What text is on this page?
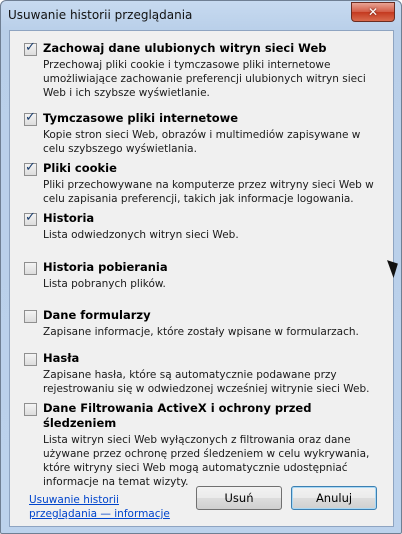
Usuwanie historii przeglądania	✕
✓
Zachowaj dane ulubionych witryn sieci Web
Przechowaj pliki cookie i tymczasowe pliki internetowe umożliwiające zachowanie preferencji ulubionych witryn sieci Web i ich szybsze wyświetlanie.
✓
Tymczasowe pliki internetowe
Kopie stron sieci Web, obrazów i multimediów zapisywane w celu szybszego wyświetlania.
✓
Pliki cookie
Pliki przechowywane na komputerze przez witryny sieci Web w celu zapisania preferencji, takich jak informacje logowania.
✓
Historia
Lista odwiedzonych witryn sieci Web.
Historia pobierania
Lista pobranych plików.
Dane formularzy
Zapisane informacje, które zostały wpisane w formularzach.
Hasła
Zapisane hasła, które są automatycznie podawane przy rejestrowaniu się w odwiedzonej wcześniej witrynie sieci Web.
Dane Filtrowania ActiveX i ochrony przed śledzeniem
Lista witryn sieci Web wyłączonych z filtrowania oraz dane używane przez ochronę przed śledzeniem w celu wykrywania, które witryny sieci Web mogą automatycznie udostępniać informacje na temat wizyty.
Usuwanie historii przeglądania — informacje
Usuń	Anuluj
